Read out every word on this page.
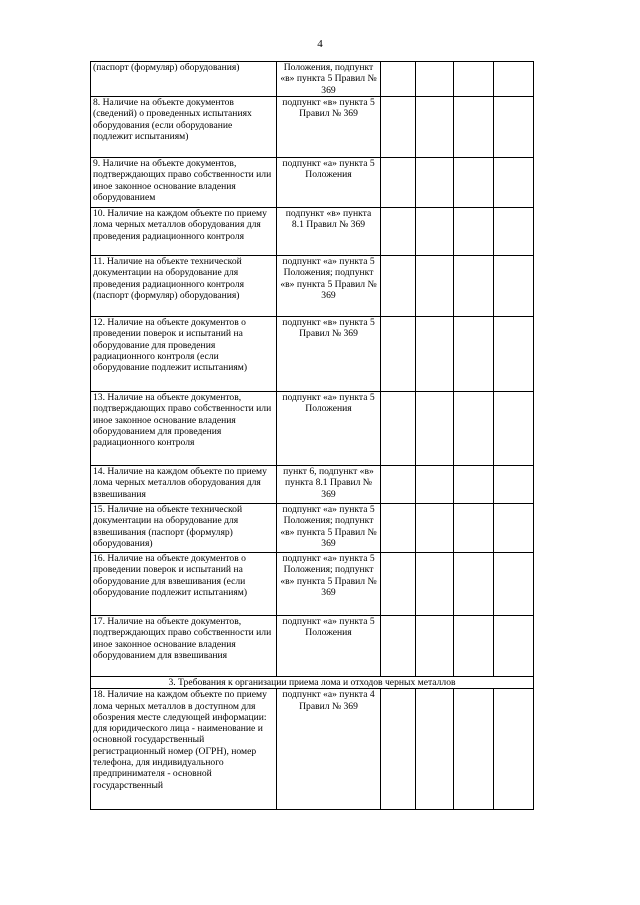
4
(паспорт (формуляр) оборудования)	Положения, подпункт «в» пункта 5 Правил № 369				
8. Наличие на объекте документов (сведений) о проведенных испытаниях оборудования (если оборудование подлежит испытаниям)	подпункт «в» пункта 5 Правил № 369				
9. Наличие на объекте документов, подтверждающих право собственности или иное законное основание владения оборудованием	подпункт «а» пункта 5 Положения				
10. Наличие на каждом объекте по приему лома черных металлов оборудования для проведения радиационного контроля	подпункт «в» пункта 8.1 Правил № 369				
11. Наличие на объекте технической документации на оборудование для проведения радиационного контроля (паспорт (формуляр) оборудования)	подпункт «а» пункта 5 Положения; подпункт «в» пункта 5 Правил № 369				
12. Наличие на объекте документов о проведении поверок и испытаний на оборудование для проведения радиационного контроля (если оборудование подлежит испытаниям)	подпункт «в» пункта 5 Правил № 369				
13. Наличие на объекте документов, подтверждающих право собственности или иное законное основание владения оборудованием для проведения радиационного контроля	подпункт «а» пункта 5 Положения				
14. Наличие на каждом объекте по приему лома черных металлов оборудования для взвешивания	пункт 6, подпункт «в» пункта 8.1 Правил № 369				
15. Наличие на объекте технической документации на оборудование для взвешивания (паспорт (формуляр) оборудования)	подпункт «а» пункта 5 Положения; подпункт «в» пункта 5 Правил № 369				
16. Наличие на объекте документов о проведении поверок и испытаний на оборудование для взвешивания (если оборудование подлежит испытаниям)	подпункт «а» пункта 5 Положения; подпункт «в» пункта 5 Правил № 369				
17. Наличие на объекте документов, подтверждающих право собственности или иное законное основание владения оборудованием для взвешивания	подпункт «а» пункта 5 Положения				
3. Требования к организации приема лома и отходов черных металлов					
18. Наличие на каждом объекте по приему лома черных металлов в доступном для обозрения месте следующей информации: для юридического лица - наименование и основной государственный регистрационный номер (ОГРН), номер телефона, для индивидуального предпринимателя - основной государственный	подпункт «а» пункта 4 Правил № 369				
